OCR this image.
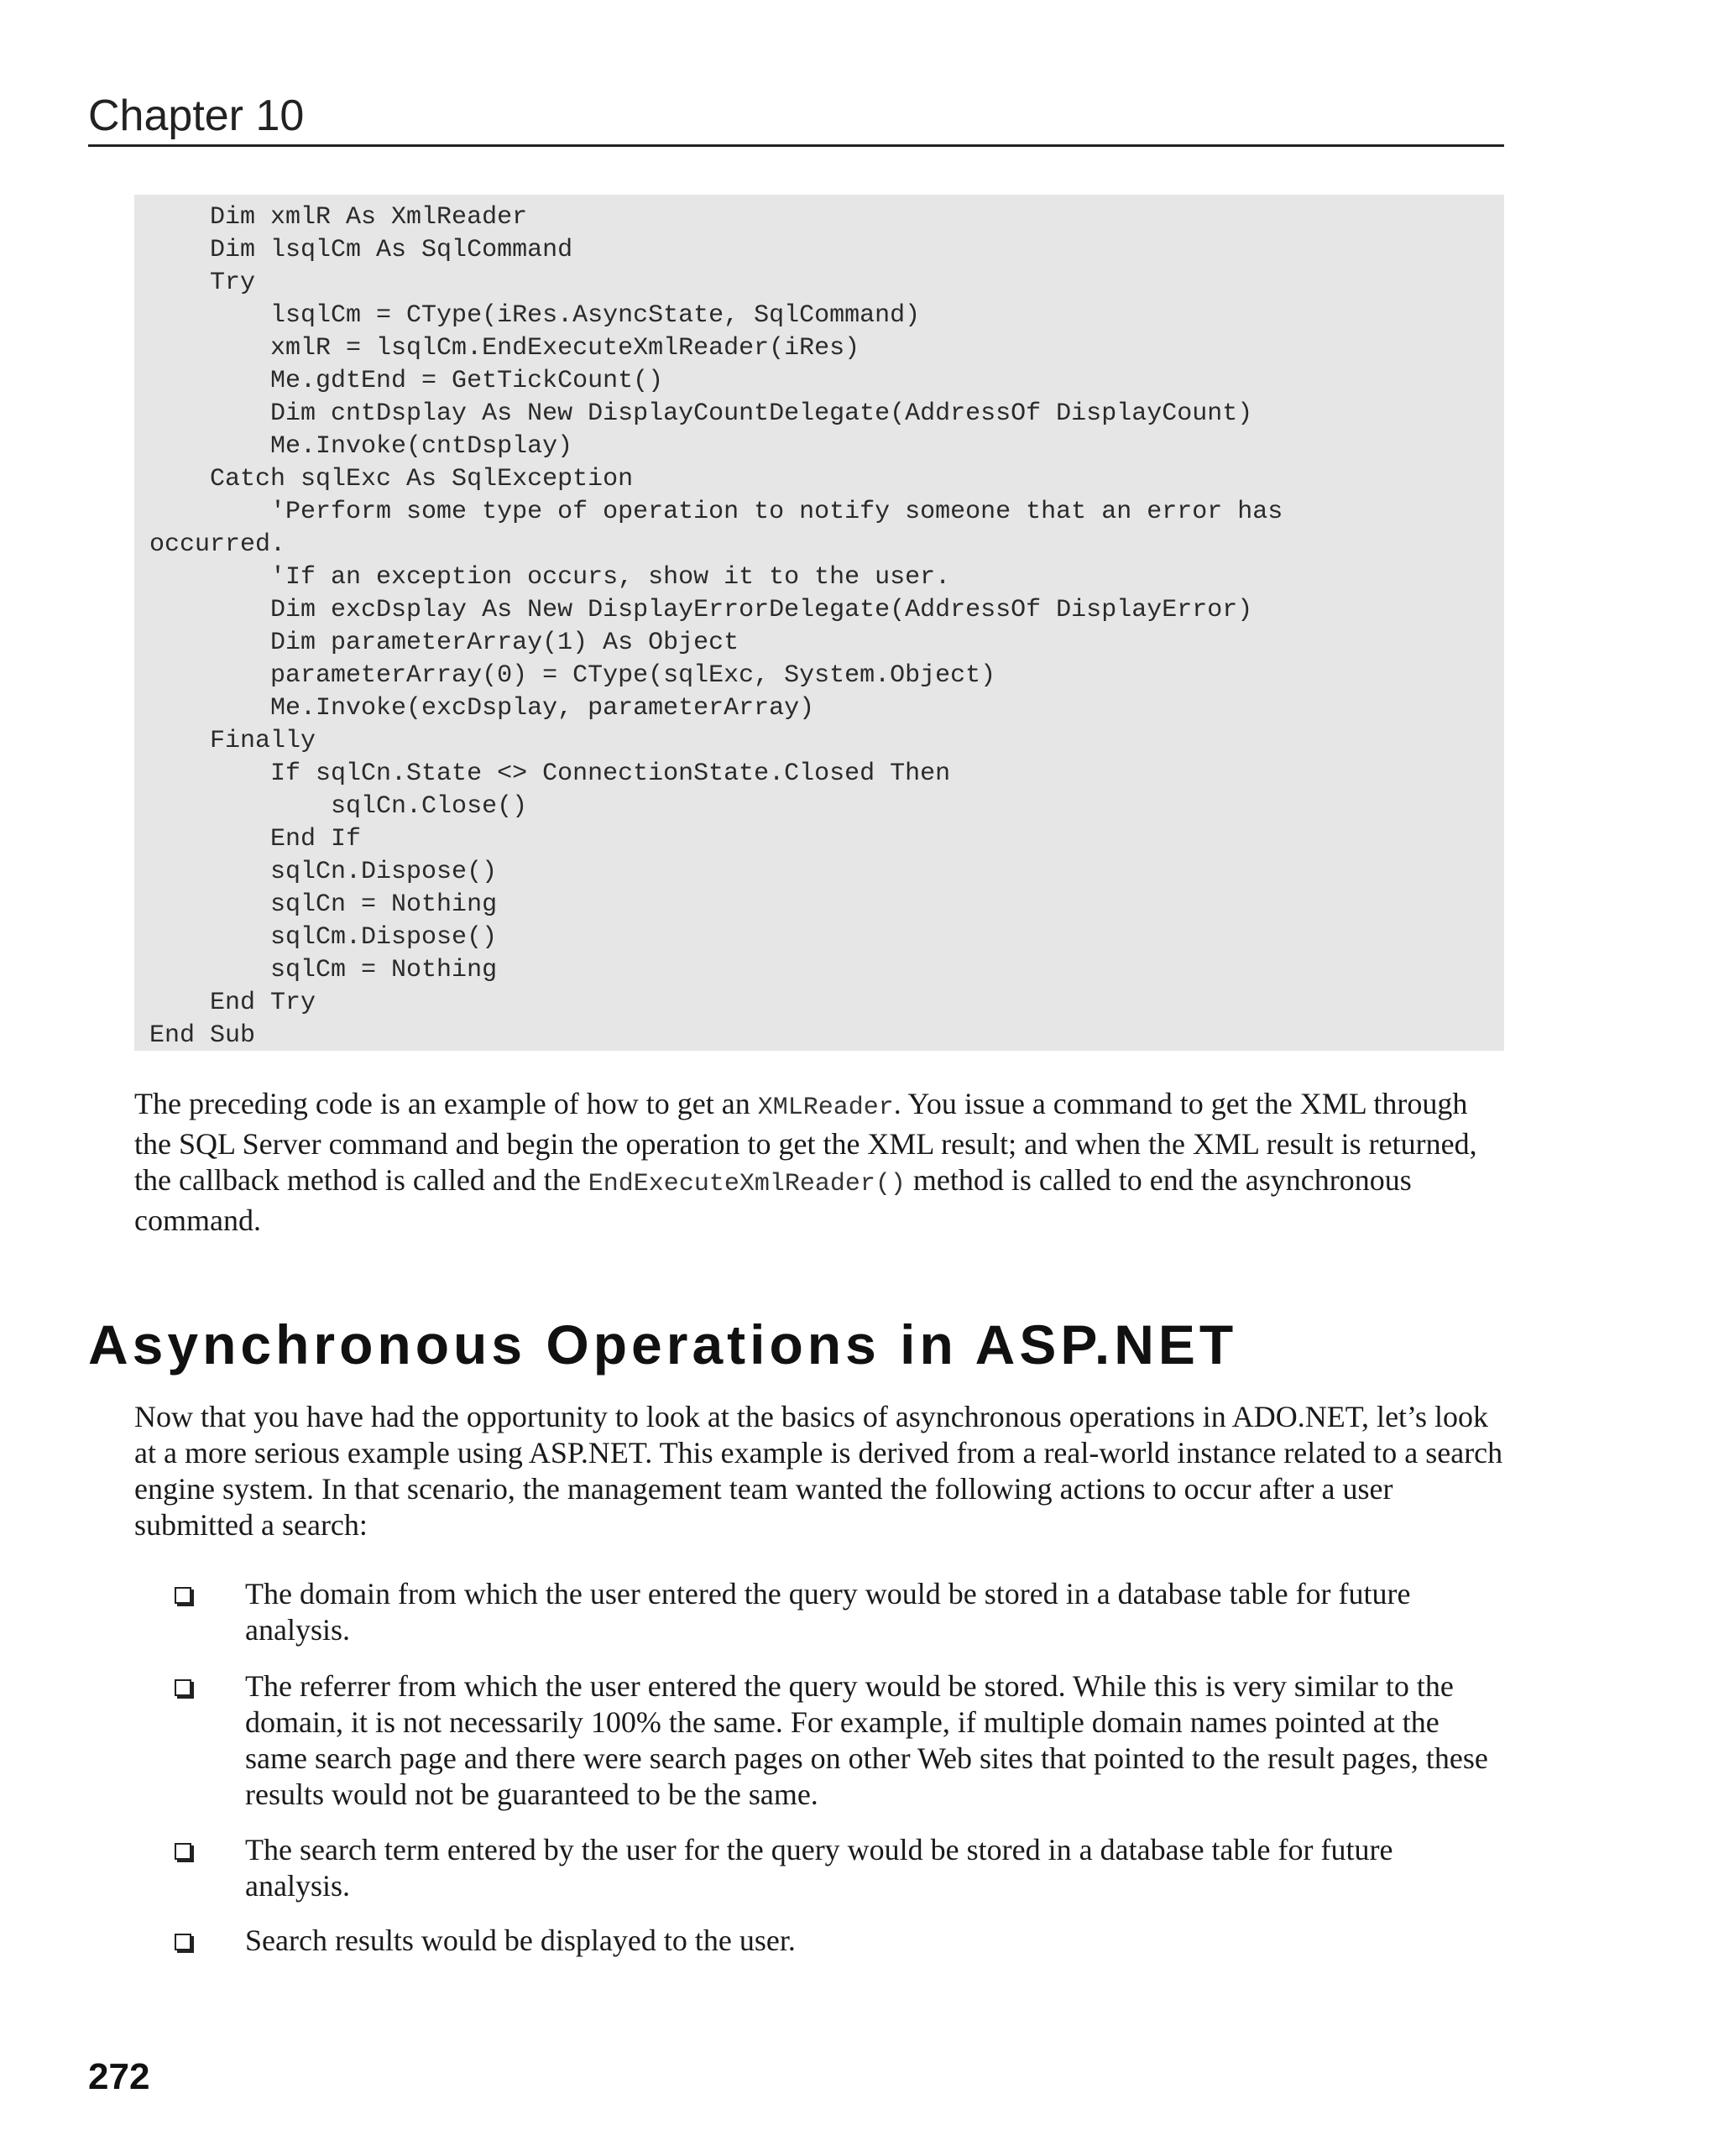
Chapter 10
Dim xmlR As XmlReader
Dim lsqlCm As SqlCommand
Try
lsqlCm = CType(iRes.AsyncState, SqlCommand)
xmlR = lsqlCm.EndExecuteXmlReader(iRes)
Me.gdtEnd = GetTickCount()
Dim cntDsplay As New DisplayCountDelegate(AddressOf DisplayCount)
Me.Invoke(cntDsplay)
Catch sqlExc As SqlException
'Perform some type of operation to notify someone that an error has
occurred.
'If an exception occurs, show it to the user.
Dim excDsplay As New DisplayErrorDelegate(AddressOf DisplayError)
Dim parameterArray(1) As Object
parameterArray(0) = CType(sqlExc, System.Object)
Me.Invoke(excDsplay, parameterArray)
Finally
If sqlCn.State <> ConnectionState.Closed Then
sqlCn.Close()
End If
sqlCn.Dispose()
sqlCn = Nothing
sqlCm.Dispose()
sqlCm = Nothing
End Try
End Sub

The preceding code is an example of how to get an XMLReader. You issue a command to get the XML through the SQL Server command and begin the operation to get the XML result; and when the XML result is returned, the callback method is called and the EndExecuteXmlReader() method is called to end the asynchronous command.

Asynchronous Operations in ASP.NET

Now that you have had the opportunity to look at the basics of asynchronous operations in ADO.NET, let’s look at a more serious example using ASP.NET. This example is derived from a real-world instance related to a search engine system. In that scenario, the management team wanted the following actions to occur after a user submitted a search:

The domain from which the user entered the query would be stored in a database table for future analysis.
The referrer from which the user entered the query would be stored. While this is very similar to the domain, it is not necessarily 100% the same. For example, if multiple domain names pointed at the same search page and there were search pages on other Web sites that pointed to the result pages, these results would not be guaranteed to be the same.
The search term entered by the user for the query would be stored in a database table for future analysis.
Search results would be displayed to the user.

272
